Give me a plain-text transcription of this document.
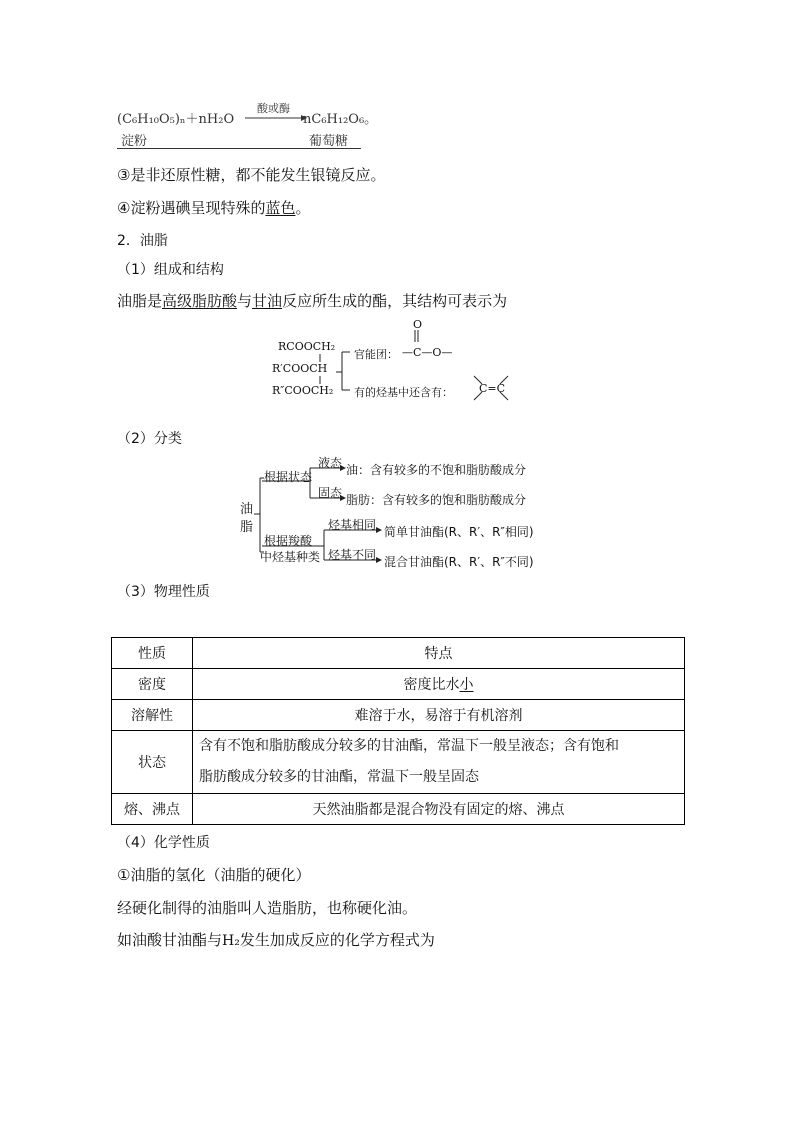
(C₆H₁₀O₅)ₙ＋nH₂O
酸或酶
nC₆H₁₂O₆。
淀粉	葡萄糖
③是非还原性糖，都不能发生银镜反应。
④淀粉遇碘呈现特殊的蓝色。
2．油脂
（1）组成和结构
油脂是高级脂肪酸与甘油反应所生成的酯，其结构可表示为
RCOOCH₂
R′COOCH
R″COOCH₂
官能团：
O
—C—O—
有的烃基中还含有： C=C
（2）分类
油
脂
根据状态
液态
固态
油：含有较多的不饱和脂肪酸成分
脂肪：含有较多的饱和脂肪酸成分
根据羧酸
中烃基种类
烃基相同
烃基不同
简单甘油酯(R、R′、R″相同)
混合甘油酯(R、R′、R″不同)
（3）物理性质
性质	特点
密度	密度比水小
溶解性	难溶于水，易溶于有机溶剂
状态	含有不饱和脂肪酸成分较多的甘油酯，常温下一般呈液态；含有饱和
脂肪酸成分较多的甘油酯，常温下一般呈固态

熔、沸点	天然油脂都是混合物没有固定的熔、沸点
（4）化学性质
①油脂的氢化（油脂的硬化）
经硬化制得的油脂叫人造脂肪，也称硬化油。
如油酸甘油酯与H₂发生加成反应的化学方程式为
